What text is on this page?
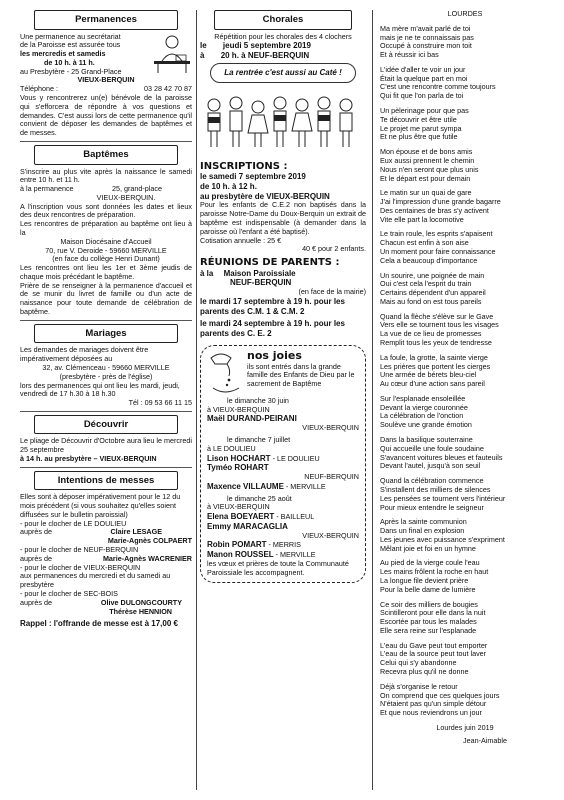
Permanences

Une permanence au secrétariat

de la Paroisse est assurée tous

les mercredis et samedis

de 10 h. à 11 h.

au Presbytère - 25 Grand-Place

VIEUX-BERQUIN

Téléphone :	03 28 42 70 87

Vous y rencontrerez un(e) bénévole de la paroisse qui s'efforcera de répondre à vos questions et demandes. C'est aussi lors de cette permanence qu'il convient de déposer les demandes de baptêmes et de messes.

Baptêmes

S'inscrire au plus vite après la naissance le samedi entre 10 h. et 11 h.

à la permanence	25, grand-place

VIEUX-BERQUIN.

A l'inscription vous sont données les dates et lieux des deux rencontres de préparation.

Les rencontres de préparation au baptême ont lieu à la

Maison Diocésaine d'Accueil

70, rue V. Deroide - 59660 MERVILLE

(en face du collège Henri Dunant)

Les rencontres ont lieu les 1er et 3ème jeudis de chaque mois précédant le baptême.

Prière de se renseigner à la permanence d'accueil et de se munir du livret de famille ou d'un acte de naissance pour toute demande de célébration de baptême.

Mariages

Les demandes de mariages doivent être impérativement déposées au

32, av. Clémenceau - 59660 MERVILLE

(presbytère - près de l'église)

lors des permanences qui ont lieu les mardi, jeudi, vendredi de 17 h.30 à 18 h.30

Tél : 09 53 66 11 15

Découvrir

Le pliage de Découvrir d'Octobre aura lieu le mercredi 25 septembre

à 14 h. au presbytère – VIEUX-BERQUIN

Intentions de messes

Elles sont à déposer impérativement pour le 12 du mois précédent (si vous souhaitez qu'elles soient diffusées sur le bulletin paroissial)

- pour le clocher de LE DOULIEU

auprès de	Claire LESAGE

Marie-Agnès COLPAERT

- pour le clocher de NEUF-BERQUIN

auprès de	Marie-Agnès WACRENIER

- pour le clocher de VIEUX-BERQUIN

aux permanences du mercredi et du samedi au presbytère

- pour le clocher de SEC-BOIS

auprès de	Olive DULONGCOURTY

Thérèse HENNION

Rappel : l'offrande de messe est à 17,00 €

Chorales

Répétition pour les chorales des 4 clochers

le jeudi 5 septembre 2019

à 20 h. à NEUF-BERQUIN

La rentrée c'est aussi au Caté !
INSCRIPTIONS :

le samedi 7 septembre 2019

de 10 h. à 12 h.

au presbytère de VIEUX-BERQUIN

Pour les enfants de C.E.2 non baptisés dans la paroisse Notre-Dame du Doux-Berquin un extrait de baptême est indispensable (à demander dans la paroisse où l'enfant a été baptisé).

Cotisation annuelle : 25 €

40 € pour 2 enfants.

RÉUNIONS DE PARENTS :

à la Maison Paroissiale

NEUF-BERQUIN

(en face de la mairie)

le mardi 17 septembre à 19 h. pour les parents des C.M. 1 & C.M. 2

le mardi 24 septembre à 19 h. pour les parents des C. E. 2

nos joies

ils sont entrés dans la grande famille des Enfants de Dieu par le sacrement de Baptême

le dimanche 30 juin

à VIEUX-BERQUIN

Maël DURAND-PEIRANI

VIEUX-BERQUIN

le dimanche 7 juillet

à LE DOULIEU

Lison HOCHART - LE DOULIEU

Tyméo ROHART

NEUF-BERQUIN

Maxence VILLAUME - MERVILLE

le dimanche 25 août

à VIEUX-BERQUIN

Elena BOEYAERT - BAILLEUL

Emmy MARACAGLIA

VIEUX-BERQUIN

Robin POMART - MERRIS

Manon ROUSSEL - MERVILLE

les vœux et prières de toute la Communauté Paroissiale les accompagnent.

LOURDES

Ma mère m'avait parlé de toi

mais je ne te connaissais pas

Occupé à construire mon toit

Et à réussir ici bas

L'idée d'aller te voir un jour

Était la quelque part en moi

C'est une rencontre comme toujours

Qui fit que l'on parla de toi

Un pèlerinage pour que pas

Te découvrir et être utile

Le projet me parut sympa

Et ne plus être que futile

Mon épouse et de bons amis

Eux aussi prennent le chemin

Nous n'en seront que plus unis

Et le départ est pour demain

Le matin sur un quai de gare

J'ai l'impression d'une grande bagarre

Des centaines de bras s'y activent

Vite elle part la locomotive

Le train roule, les esprits s'apaisent

Chacun est enfin à son aise

Un moment pour faire connaissance

Cela a beaucoup d'importance

Un sourire, une poignée de main

Oui c'est cela l'esprit du train

Certains dépendent d'un appareil

Mais au fond on est tous pareils

Quand la flèche s'élève sur le Gave

Vers elle se tournent tous les visages

La vue de ce lieu de promesses

Remplit tous les yeux de tendresse

La foule, la grotte, la sainte vierge

Les prières que portent les cierges

Une armée de bérets bleu-ciel

Au cœur d'une action sans pareil

Sur l'esplanade ensoleillée

Devant la vierge couronnée

La célébration de l'onction

Soulève une grande émotion

Dans la basilique souterraine

Qui accueille une foule soudaine

S'avancent voitures bleues et fauteuils

Devant l'autel, jusqu'à son seuil

Quand la célébration commence

S'installent des milliers de silences

Les pensées se tournent vers l'intérieur

Pour mieux entendre le seigneur

Après la sainte communion

Dans un final en explosion

Les jeunes avec puissance s'expriment

Mêlant joie et foi en un hymne

Au pied de la vierge coule l'eau

Les mains frôlent la roche en haut

La longue file devient prière

Pour la belle dame de lumière

Ce soir des milliers de bougies

Scintilleront pour elle dans la nuit

Escortée par tous les malades

Elle sera reine sur l'esplanade

L'eau du Gave peut tout emporter

L'eau de la source peut tout laver

Celui qui s'y abandonne

Recevra plus qu'il ne donne

Déjà s'organise le retour

On comprend que ces quelques jours

N'étaient pas qu'un simple détour

Et que nous reviendrons un jour

Lourdes juin 2019
Jean-Aimable
